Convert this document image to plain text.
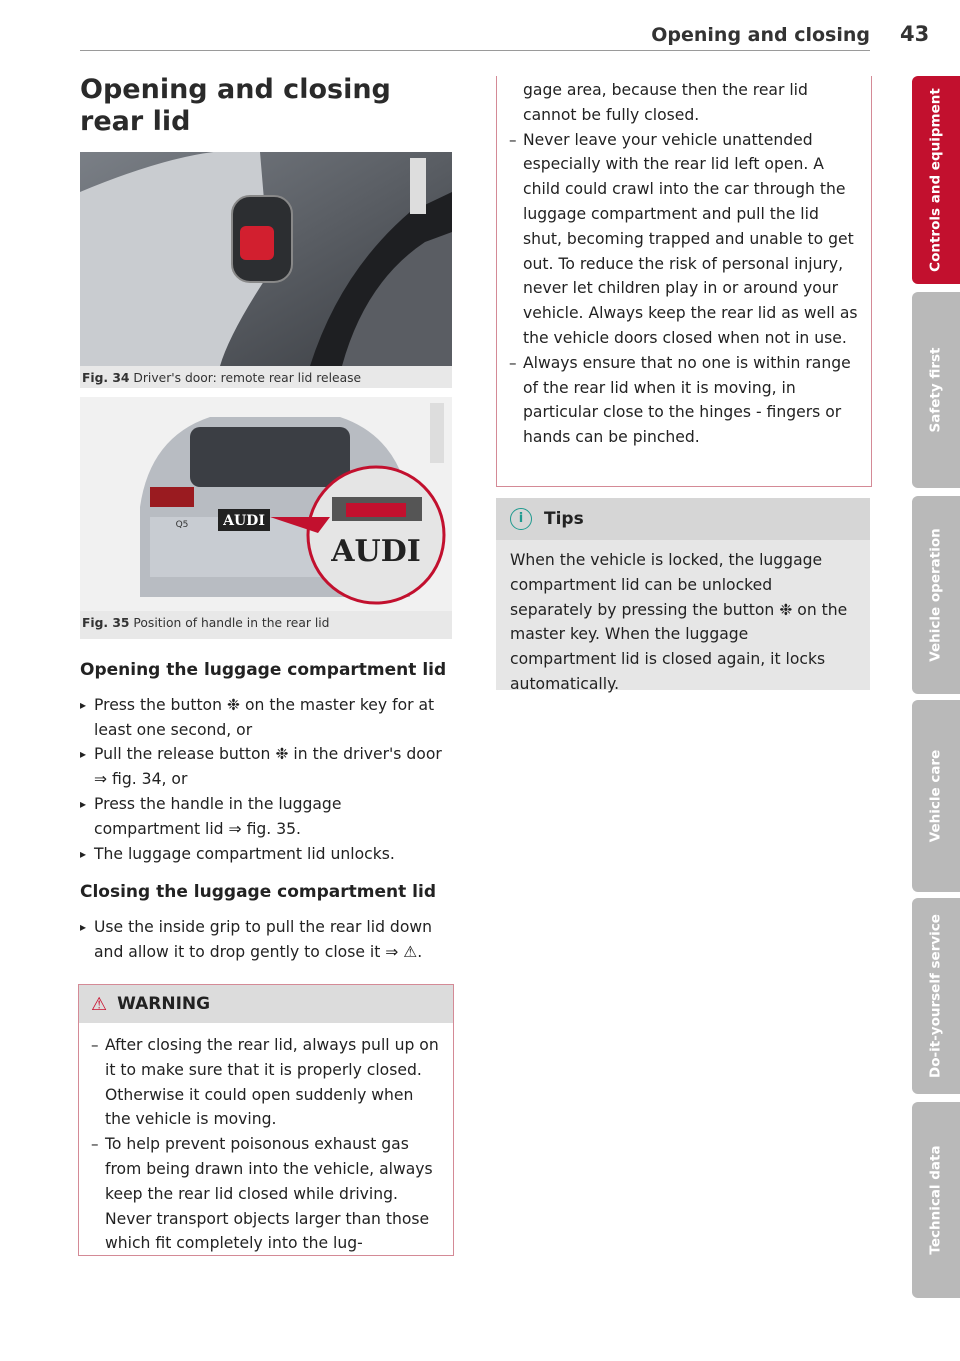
Opening and closing 43
Opening and closing rear lid
Fig. 34 Driver's door: remote rear lid release
AUDI
Q5
AUDI
Fig. 35 Position of handle in the rear lid
Opening the luggage compartment lid
▸ Press the button ❉ on the master key for at least one second, or
▸ Pull the release button ❉ in the driver's door ⇒ fig. 34, or
▸ Press the handle in the luggage compartment lid ⇒ fig. 35.
▸ The luggage compartment lid unlocks.
Closing the luggage compartment lid
▸ Use the inside grip to pull the rear lid down and allow it to drop gently to close it ⇒ ⚠.
⚠ WARNING
– After closing the rear lid, always pull up on it to make sure that it is properly closed. Otherwise it could open suddenly when the vehicle is moving.
– To help prevent poisonous exhaust gas from being drawn into the vehicle, always keep the rear lid closed while driving. Never transport objects larger than those which fit completely into the lug-
gage area, because then the rear lid cannot be fully closed.
– Never leave your vehicle unattended especially with the rear lid left open. A child could crawl into the car through the luggage compartment and pull the lid shut, becoming trapped and unable to get out. To reduce the risk of personal injury, never let children play in or around your vehicle. Always keep the rear lid as well as the vehicle doors closed when not in use.
– Always ensure that no one is within range of the rear lid when it is moving, in particular close to the hinges - fingers or hands can be pinched.
i	Tips
When the vehicle is locked, the luggage compartment lid can be unlocked separately by pressing the button ❉ on the master key. When the luggage compartment lid is closed again, it locks automatically.
Controls and equipment
Safety first
Vehicle operation
Vehicle care
Do-it-yourself service
Technical data
